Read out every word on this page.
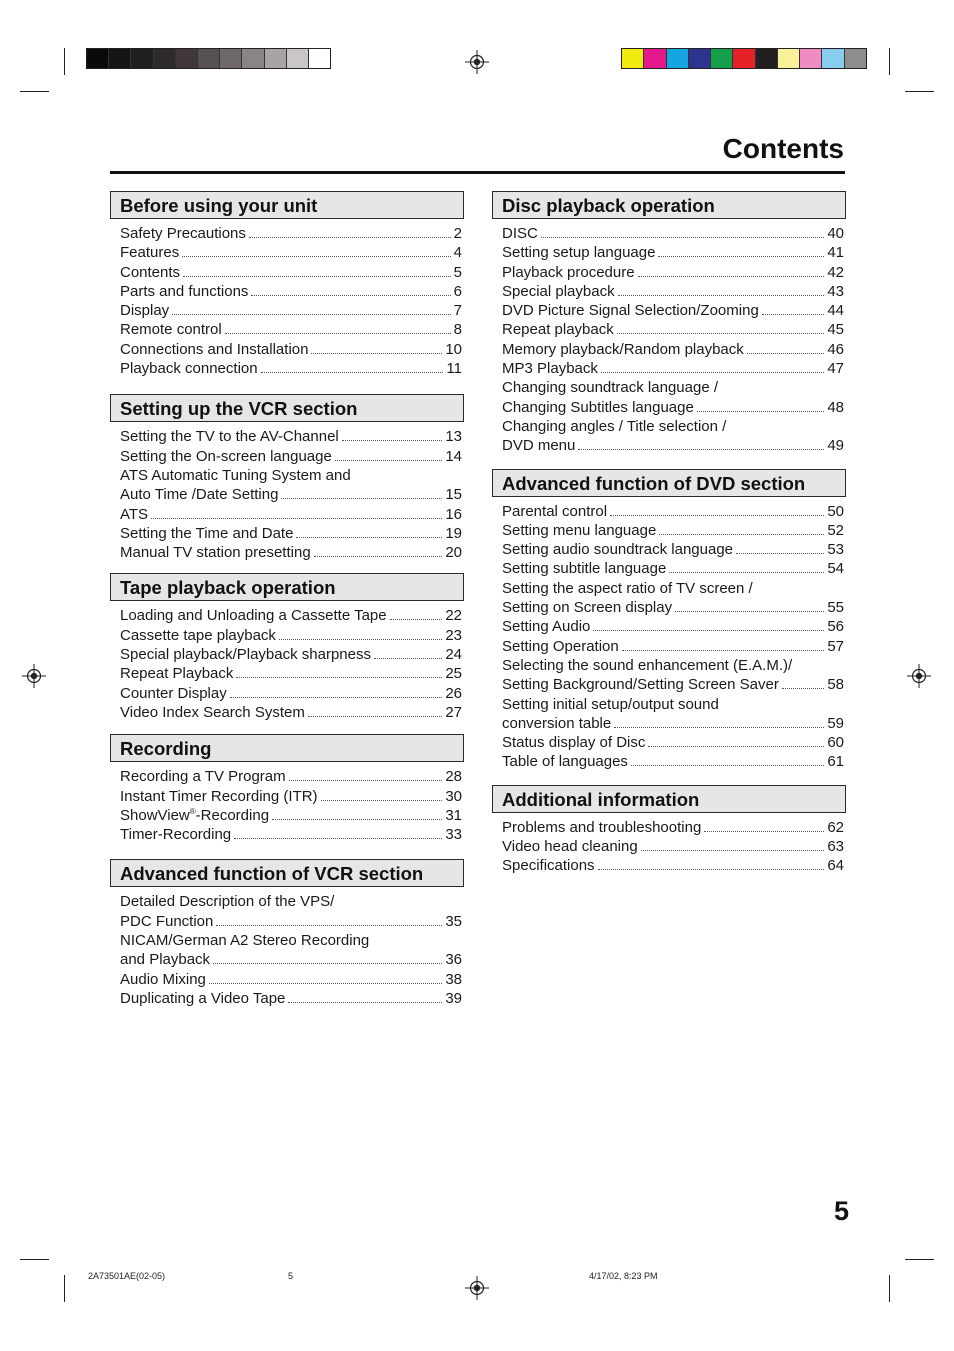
Contents
Before using your unit
Safety Precautions	2
Features	4
Contents	5
Parts and functions	6
Display	7
Remote control	8
Connections and Installation	10
Playback connection	11
Setting up the VCR section
Setting the TV to the AV-Channel	13
Setting the On-screen language	14
ATS Automatic Tuning System and
Auto Time /Date Setting	15
ATS	16
Setting the Time and Date	19
Manual TV station presetting	20
Tape playback operation
Loading and Unloading a Cassette Tape	22
Cassette tape playback	23
Special playback/Playback sharpness	24
Repeat Playback	25
Counter Display	26
Video Index Search System	27
Recording
Recording a TV Program	28
Instant Timer Recording (ITR)	30
ShowView®-Recording	31
Timer-Recording	33
Advanced function of VCR section
Detailed Description of the VPS/
PDC Function	35
NICAM/German A2 Stereo Recording
and Playback	36
Audio Mixing	38
Duplicating a Video Tape	39
Disc playback operation
DISC	40
Setting setup language	41
Playback procedure	42
Special playback	43
DVD Picture Signal Selection/Zooming	44
Repeat playback	45
Memory playback/Random playback	46
MP3 Playback	47
Changing soundtrack language /
Changing Subtitles language	48
Changing angles / Title selection /
DVD menu	49
Advanced function of DVD section
Parental control	50
Setting menu language	52
Setting audio soundtrack language	53
Setting subtitle language	54
Setting the aspect ratio of TV screen /
Setting on Screen display	55
Setting Audio	56
Setting Operation	57
Selecting the sound enhancement (E.A.M.)/
Setting Background/Setting Screen Saver	58
Setting initial setup/output sound
conversion table	59
Status display of Disc	60
Table of languages	61
Additional information
Problems and troubleshooting	62
Video head cleaning	63
Specifications	64
5
2A73501AE(02-05)	5	4/17/02, 8:23 PM
